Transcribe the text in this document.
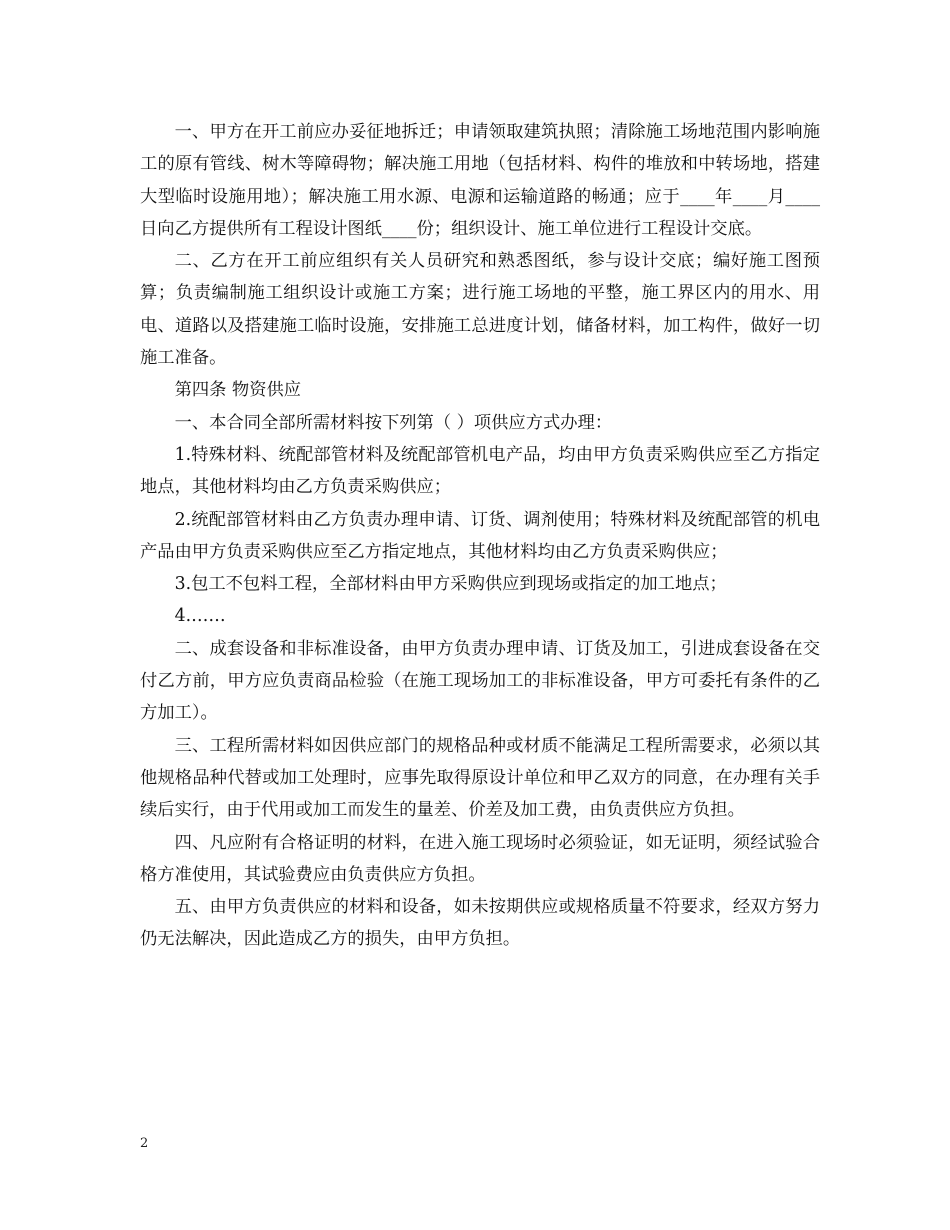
一、甲方在开工前应办妥征地拆迁；申请领取建筑执照；清除施工场地范围内影响施工的原有管线、树木等障碍物；解决施工用地（包括材料、构件的堆放和中转场地，搭建大型临时设施用地）；解决施工用水源、电源和运输道路的畅通；应于____年____月____日向乙方提供所有工程设计图纸____份；组织设计、施工单位进行工程设计交底。

二、乙方在开工前应组织有关人员研究和熟悉图纸，参与设计交底；编好施工图预算；负责编制施工组织设计或施工方案；进行施工场地的平整，施工界区内的用水、用电、道路以及搭建施工临时设施，安排施工总进度计划，储备材料，加工构件，做好一切施工准备。

第四条 物资供应

一、本合同全部所需材料按下列第（ ）项供应方式办理：

1.特殊材料、统配部管材料及统配部管机电产品，均由甲方负责采购供应至乙方指定地点，其他材料均由乙方负责采购供应；

2.统配部管材料由乙方负责办理申请、订货、调剂使用；特殊材料及统配部管的机电产品由甲方负责采购供应至乙方指定地点，其他材料均由乙方负责采购供应；

3.包工不包料工程，全部材料由甲方采购供应到现场或指定的加工地点；

4.……

二、成套设备和非标准设备，由甲方负责办理申请、订货及加工，引进成套设备在交付乙方前，甲方应负责商品检验（在施工现场加工的非标准设备，甲方可委托有条件的乙方加工）。

三、工程所需材料如因供应部门的规格品种或材质不能满足工程所需要求，必须以其他规格品种代替或加工处理时，应事先取得原设计单位和甲乙双方的同意，在办理有关手续后实行，由于代用或加工而发生的量差、价差及加工费，由负责供应方负担。

四、凡应附有合格证明的材料，在进入施工现场时必须验证，如无证明，须经试验合格方准使用，其试验费应由负责供应方负担。

五、由甲方负责供应的材料和设备，如未按期供应或规格质量不符要求，经双方努力仍无法解决，因此造成乙方的损失，由甲方负担。

2
